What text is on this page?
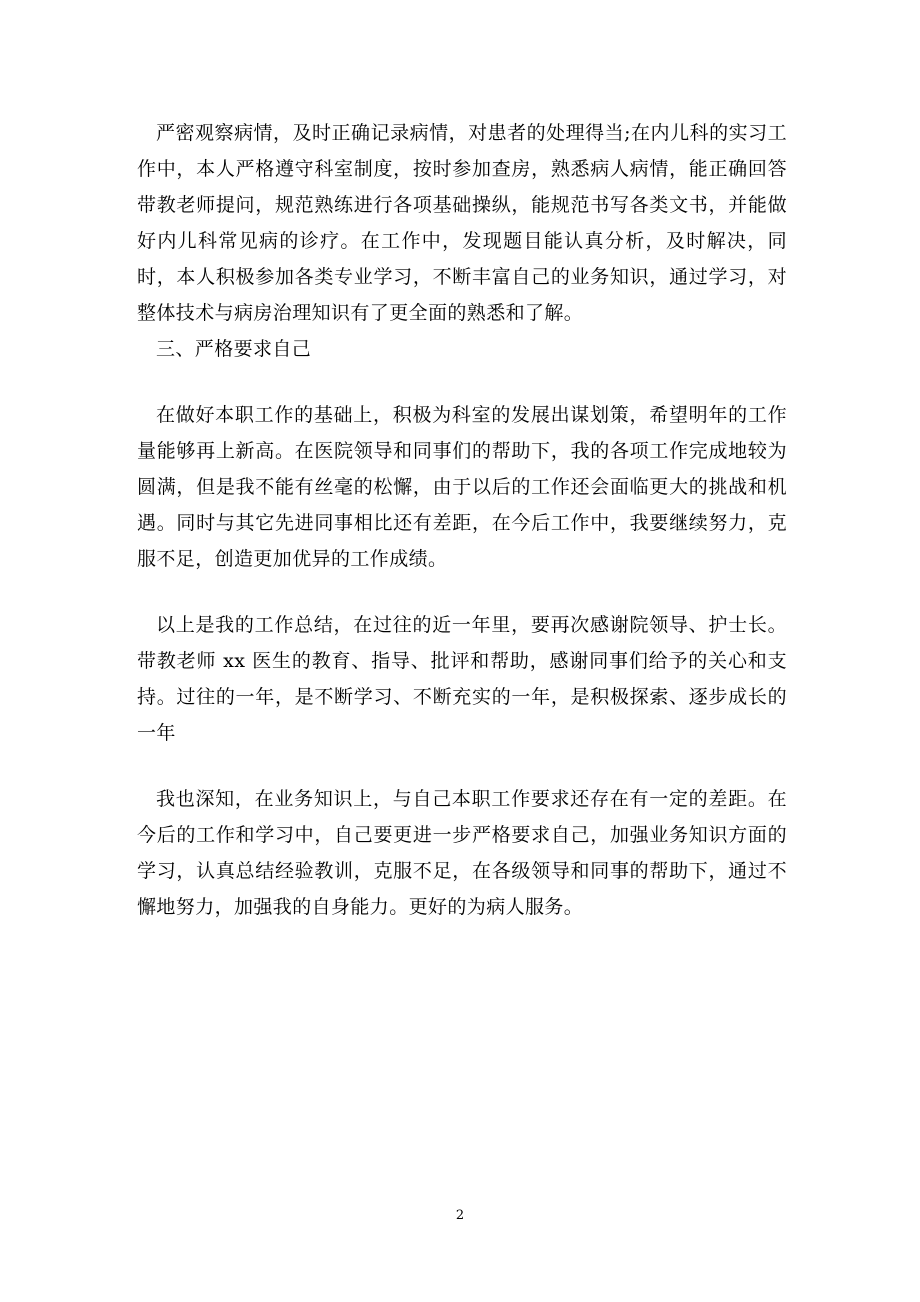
严密观察病情，及时正确记录病情，对患者的处理得当;在内儿科的实习工作中，本人严格遵守科室制度，按时参加查房，熟悉病人病情，能正确回答带教老师提问，规范熟练进行各项基础操纵，能规范书写各类文书，并能做好内儿科常见病的诊疗。在工作中，发现题目能认真分析，及时解决，同时，本人积极参加各类专业学习，不断丰富自己的业务知识，通过学习，对整体技术与病房治理知识有了更全面的熟悉和了解。

三、严格要求自己

在做好本职工作的基础上，积极为科室的发展出谋划策，希望明年的工作量能够再上新高。在医院领导和同事们的帮助下，我的各项工作完成地较为圆满，但是我不能有丝毫的松懈，由于以后的工作还会面临更大的挑战和机遇。同时与其它先进同事相比还有差距，在今后工作中，我要继续努力，克服不足，创造更加优异的工作成绩。

以上是我的工作总结，在过往的近一年里，要再次感谢院领导、护士长。带教老师 xx 医生的教育、指导、批评和帮助，感谢同事们给予的关心和支持。过往的一年，是不断学习、不断充实的一年，是积极探索、逐步成长的一年

我也深知，在业务知识上，与自己本职工作要求还存在有一定的差距。在今后的工作和学习中，自己要更进一步严格要求自己，加强业务知识方面的学习，认真总结经验教训，克服不足，在各级领导和同事的帮助下，通过不懈地努力，加强我的自身能力。更好的为病人服务。

2
